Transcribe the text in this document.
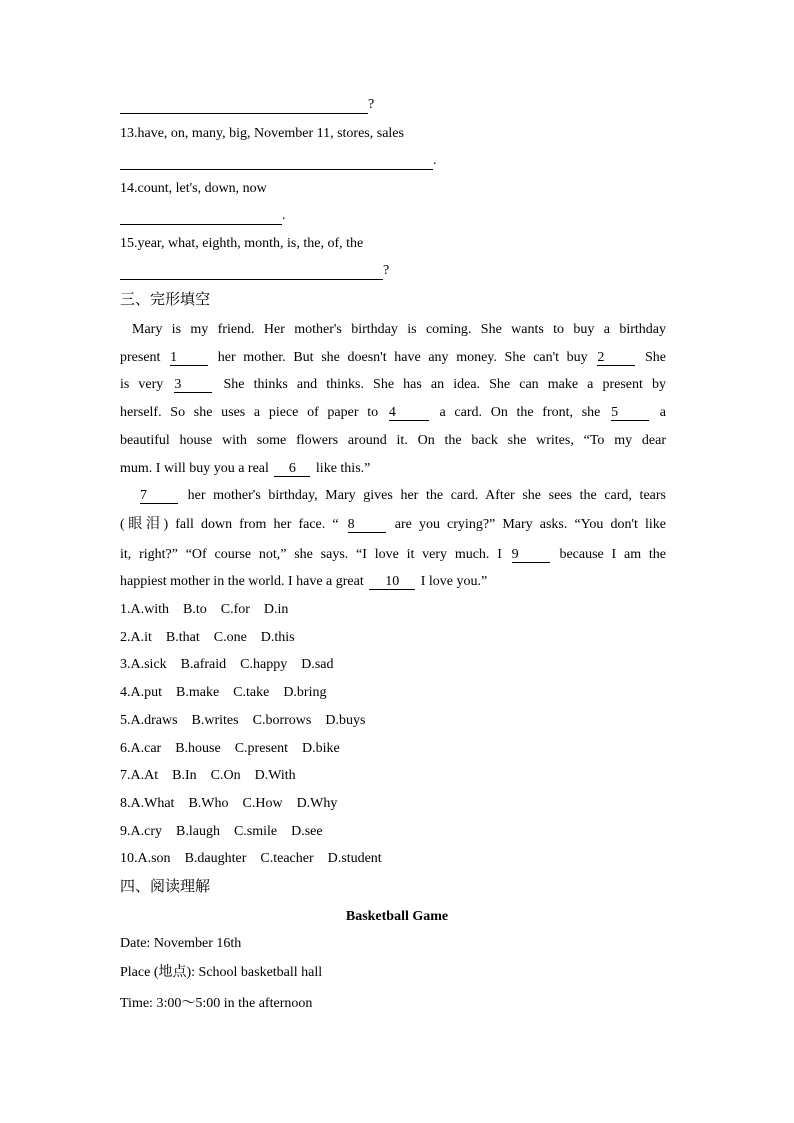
?
13.have, on, many, big, November 11, stores, sales
.
14.count, let's, down, now
.
15.year, what, eighth, month, is, the, of, the
?
三、完形填空
Mary is my friend. Her mother's birthday is coming. She wants to buy a birthday
present 1 her mother. But she doesn't have any money. She can't buy 2 She
is very 3 She thinks and thinks. She has an idea. She can make a present by
herself. So she uses a piece of paper to 4	a card. On the front, she 5 a
beautiful house with some flowers around it. On the back she writes, “To my dear
mum. I will buy you a real 6 like this.”
7 her mother's birthday, Mary gives her the card. After she sees the card, tears
(眼泪) fall down from her face. “ 8 are you crying?” Mary asks. “You don't like
it, right?” “Of course not,” she says. “I love it very much. I 9 because I am the
happiest mother in the world. I have a great 10 I love you.”
1.A.with B.to C.for D.in
2.A.it B.that C.one D.this
3.A.sick B.afraid C.happy D.sad
4.A.put B.make C.take D.bring
5.A.draws B.writes C.borrows D.buys
6.A.car B.house C.present D.bike
7.A.At B.In C.On D.With
8.A.What B.Who C.How D.Why
9.A.cry B.laugh C.smile D.see
10.A.son B.daughter C.teacher D.student
四、阅读理解
Basketball Game
Date: November 16th
Place (地点): School basketball hall
Time: 3:00～5:00 in the afternoon
